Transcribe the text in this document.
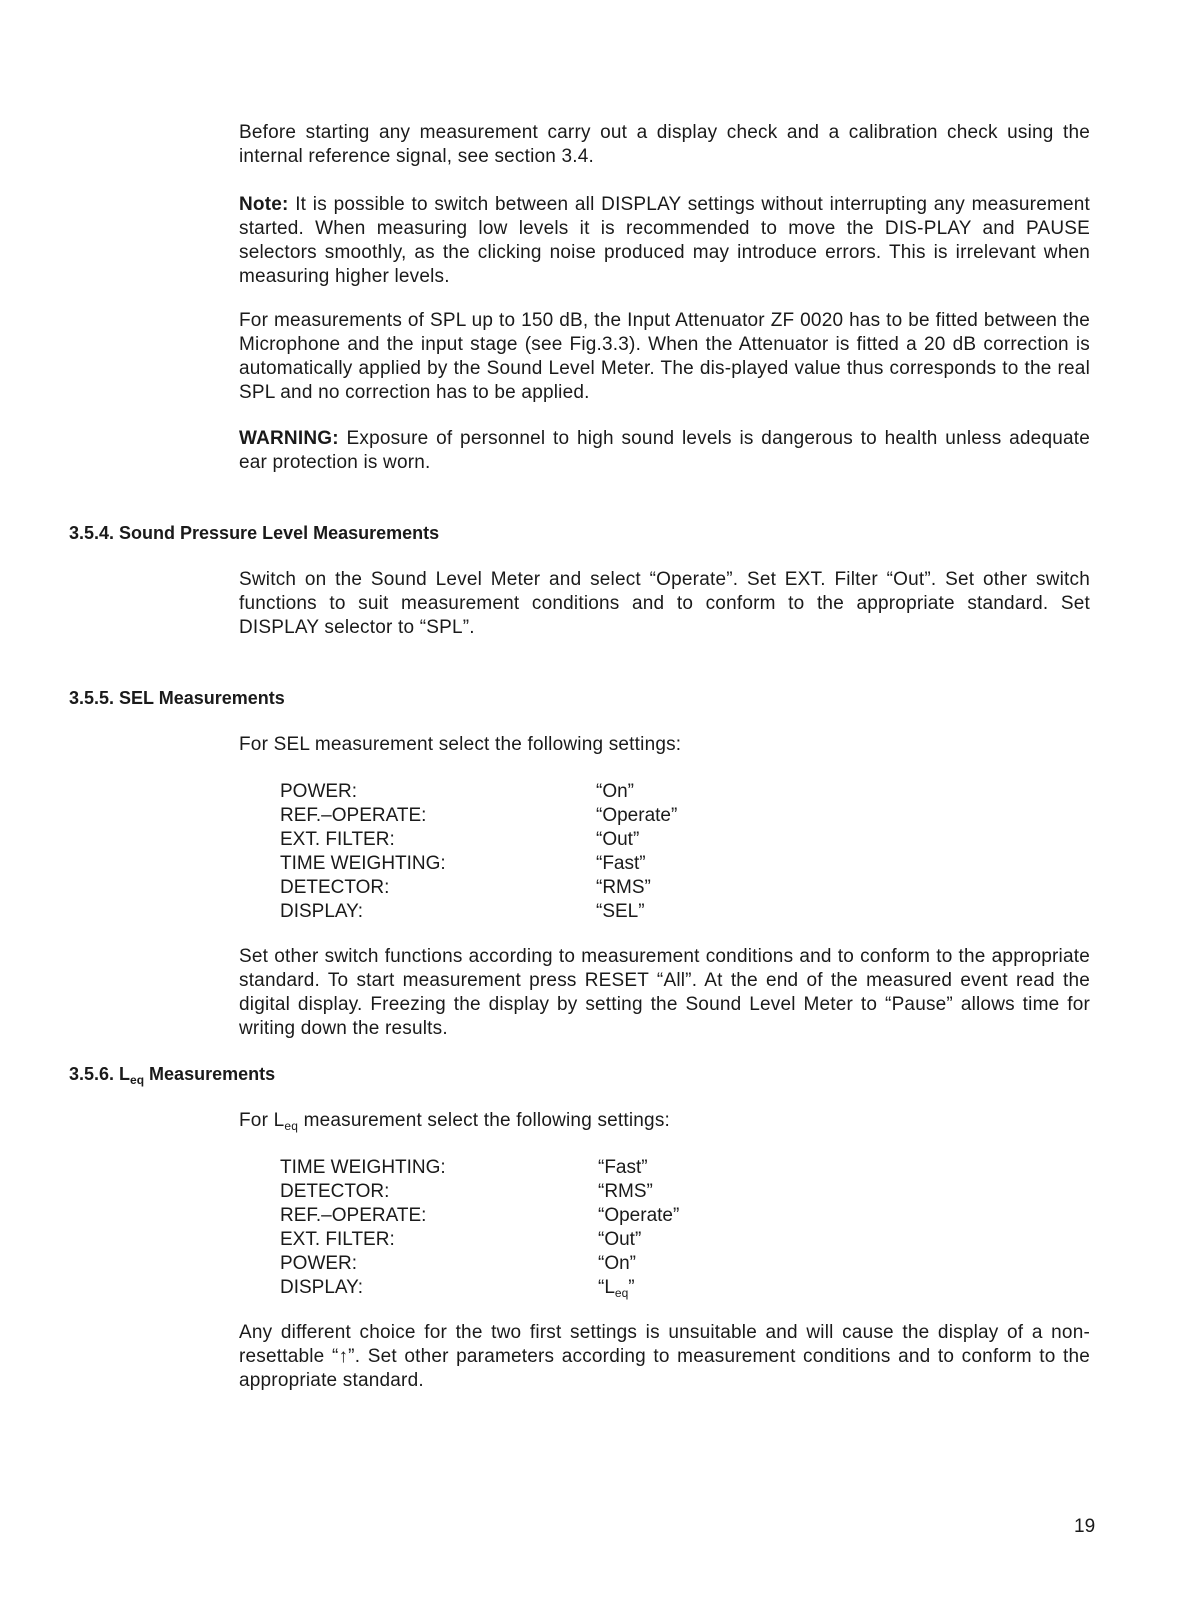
Before starting any measurement carry out a display check and a calibration check using the internal reference signal, see section 3.4.

Note: It is possible to switch between all DISPLAY settings without interrupting any measurement started. When measuring low levels it is recommended to move the DIS-PLAY and PAUSE selectors smoothly, as the clicking noise produced may introduce errors. This is irrelevant when measuring higher levels.

For measurements of SPL up to 150 dB, the Input Attenuator ZF 0020 has to be fitted between the Microphone and the input stage (see Fig.3.3). When the Attenuator is fitted a 20 dB correction is automatically applied by the Sound Level Meter. The dis-played value thus corresponds to the real SPL and no correction has to be applied.

WARNING: Exposure of personnel to high sound levels is dangerous to health unless adequate ear protection is worn.

3.5.4. Sound Pressure Level Measurements

Switch on the Sound Level Meter and select “Operate”. Set EXT. Filter “Out”. Set other switch functions to suit measurement conditions and to conform to the appropriate standard. Set DISPLAY selector to “SPL”.

3.5.5. SEL Measurements

For SEL measurement select the following settings:

POWER:	“On”
REF.–OPERATE:	“Operate”
EXT. FILTER:	“Out”
TIME WEIGHTING:	“Fast”
DETECTOR:	“RMS”
DISPLAY:	“SEL”

Set other switch functions according to measurement conditions and to conform to the appropriate standard. To start measurement press RESET “All”. At the end of the measured event read the digital display. Freezing the display by setting the Sound Level Meter to “Pause” allows time for writing down the results.

3.5.6. $L_{eq}$ Measurements

For $L_{eq}$ measurement select the following settings:

TIME WEIGHTING:	“Fast”
DETECTOR:	“RMS”
REF.–OPERATE:	“Operate”
EXT. FILTER:	“Out”
POWER:	“On”
DISPLAY:	“$L_{eq}$”

Any different choice for the two first settings is unsuitable and will cause the display of a non-resettable “↑”. Set other parameters according to measurement conditions and to conform to the appropriate standard.

19
